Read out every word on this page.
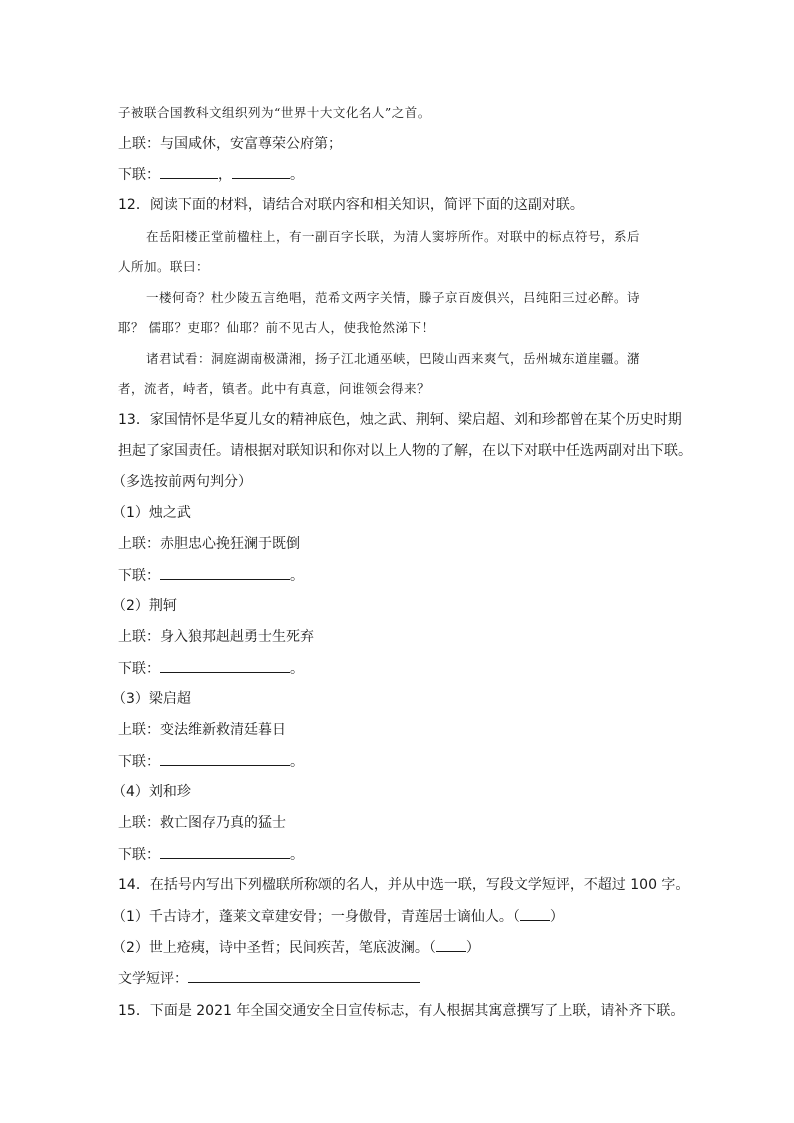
子被联合国教科文组织列为“世界十大文化名人”之首。
上联：与国咸休，安富尊荣公府第；
下联：	，	。
12．阅读下面的材料，请结合对联内容和相关知识，简评下面的这副对联。
在岳阳楼正堂前楹柱上，有一副百字长联，为清人窦垿所作。对联中的标点符号，系后
人所加。联曰：
一楼何奇？杜少陵五言绝唱，范希文两字关情，滕子京百废俱兴，吕纯阳三过必醉。诗
耶？ 儒耶？吏耶？仙耶？前不见古人，使我怆然涕下！
诸君试看：洞庭湖南极潇湘，扬子江北通巫峡，巴陵山西来爽气，岳州城东道崖疆。潴
者，流者，峙者，镇者。此中有真意，问谁领会得来？
13．家国情怀是华夏儿女的精神底色，烛之武、荆轲、梁启超、刘和珍都曾在某个历史时期
担起了家国责任。请根据对联知识和你对以上人物的了解，在以下对联中任选两副对出下联。
（多选按前两句判分）
（1）烛之武
上联：赤胆忠心挽狂澜于既倒
下联：	。
（2）荆轲
上联：身入狼邦赳赳勇士生死弃
下联：	。
（3）梁启超
上联：变法维新救清廷暮日
下联：	。
（4）刘和珍
上联：救亡图存乃真的猛士
下联：	。
14．在括号内写出下列楹联所称颂的名人，并从中选一联，写段文学短评，不超过 100 字。
（1）千古诗才，蓬莱文章建安骨；一身傲骨，青莲居士谪仙人。（ ）
（2）世上疮痍，诗中圣哲；民间疾苦，笔底波澜。（ ）
文学短评：
15．下面是 2021 年全国交通安全日宣传标志，有人根据其寓意撰写了上联，请补齐下联。
